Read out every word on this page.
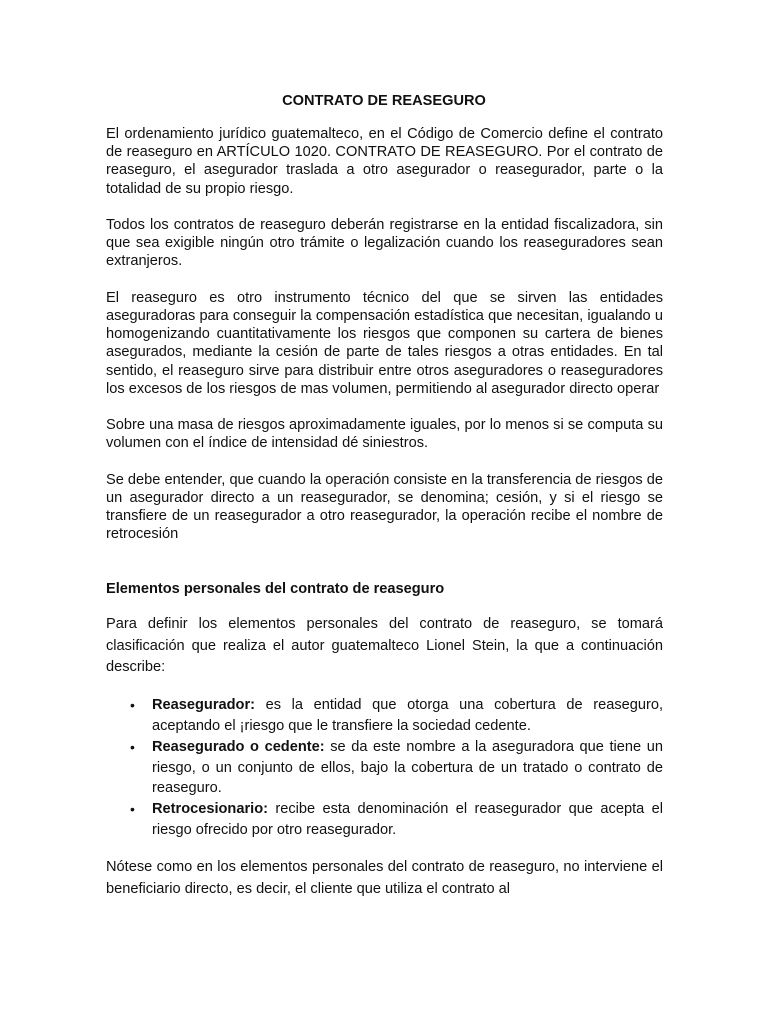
CONTRATO DE REASEGURO

El ordenamiento jurídico guatemalteco, en el Código de Comercio define el contrato de reaseguro en ARTÍCULO 1020. CONTRATO DE REASEGURO. Por el contrato de reaseguro, el asegurador traslada a otro asegurador o reasegurador, parte o la totalidad de su propio riesgo.

Todos los contratos de reaseguro deberán registrarse en la entidad fiscalizadora, sin que sea exigible ningún otro trámite o legalización cuando los reaseguradores sean extranjeros.

El reaseguro es otro instrumento técnico del que se sirven las entidades aseguradoras para conseguir la compensación estadística que necesitan, igualando u homogenizando cuantitativamente los riesgos que componen su cartera de bienes asegurados, mediante la cesión de parte de tales riesgos a otras entidades. En tal sentido, el reaseguro sirve para distribuir entre otros aseguradores o reaseguradores los excesos de los riesgos de mas volumen, permitiendo al asegurador directo operar

Sobre una masa de riesgos aproximadamente iguales, por lo menos si se computa su volumen con el índice de intensidad dé siniestros.

Se debe entender, que cuando la operación consiste en la transferencia de riesgos de un asegurador directo a un reasegurador, se denomina; cesión, y si el riesgo se transfiere de un reasegurador a otro reasegurador, la operación recibe el nombre de retrocesión

Elementos personales del contrato de reaseguro

Para definir los elementos personales del contrato de reaseguro, se tomará clasificación que realiza el autor guatemalteco Lionel Stein, la que a continuación describe:

• Reasegurador: es la entidad que otorga una cobertura de reaseguro, aceptando el ¡riesgo que le transfiere la sociedad cedente.
• Reasegurado o cedente: se da este nombre a la aseguradora que tiene un riesgo, o un conjunto de ellos, bajo la cobertura de un tratado o contrato de reaseguro.
• Retrocesionario: recibe esta denominación el reasegurador que acepta el riesgo ofrecido por otro reasegurador.

Nótese como en los elementos personales del contrato de reaseguro, no interviene el beneficiario directo, es decir, el cliente que utiliza el contrato al
